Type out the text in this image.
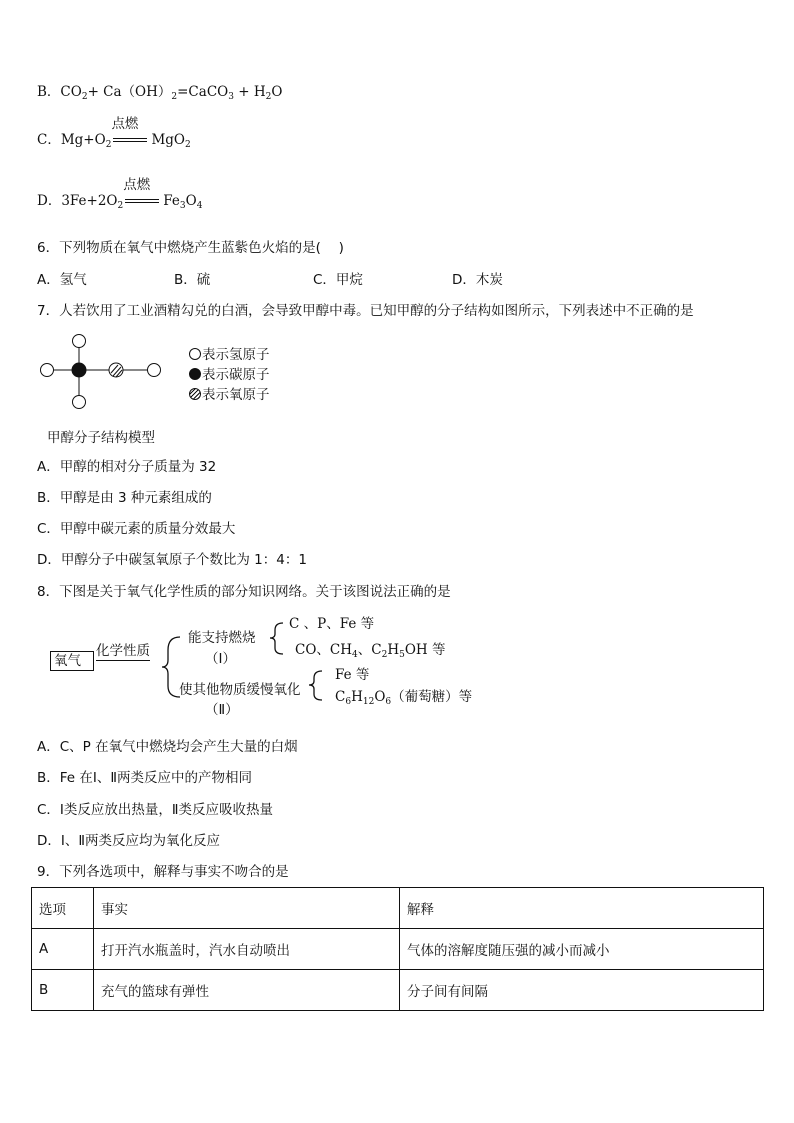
B．$CO_2+$ $Ca(OH)_2=CaCO_3 + H_2O$
C．$Mg+O_2$
点燃
MgO$_2$
D．$3Fe+2O_2$
点燃
$Fe_3O_4$
6．下列物质在氧气中燃烧产生蓝紫色火焰的是(　 )
A．氢气	B．硫	C．甲烷	D．木炭
7．人若饮用了工业酒精勾兑的白酒，会导致甲醇中毒。已知甲醇的分子结构如图所示，下列表述中不正确的是
表示氢原子
表示碳原子
表示氧原子
甲醇分子结构模型
A．甲醇的相对分子质量为 32
B．甲醇是由 3 种元素组成的
C．甲醇中碳元素的质量分效最大
D．甲醇分子中碳氢氧原子个数比为 1：4：1
8．下图是关于氧气化学性质的部分知识网络。关于该图说法正确的是
氧气
化学性质
能支持燃烧
（Ⅰ）
C 、P、Fe 等
CO、$CH_4$、$C_2H_5OH$ 等
使其他物质缓慢氧化
（Ⅱ）
Fe 等
$C_6H_{12}O_6$（葡萄糖）等
A．C、P 在氧气中燃烧均会产生大量的白烟
B．Fe 在Ⅰ、Ⅱ两类反应中的产物相同
C．Ⅰ类反应放出热量，Ⅱ类反应吸收热量
D．Ⅰ、Ⅱ两类反应均为氧化反应
9．下列各选项中，解释与事实不吻合的是
选项	事实	解释
A	打开汽水瓶盖时，汽水自动喷出	气体的溶解度随压强的减小而减小
B	充气的篮球有弹性	分子间有间隔
